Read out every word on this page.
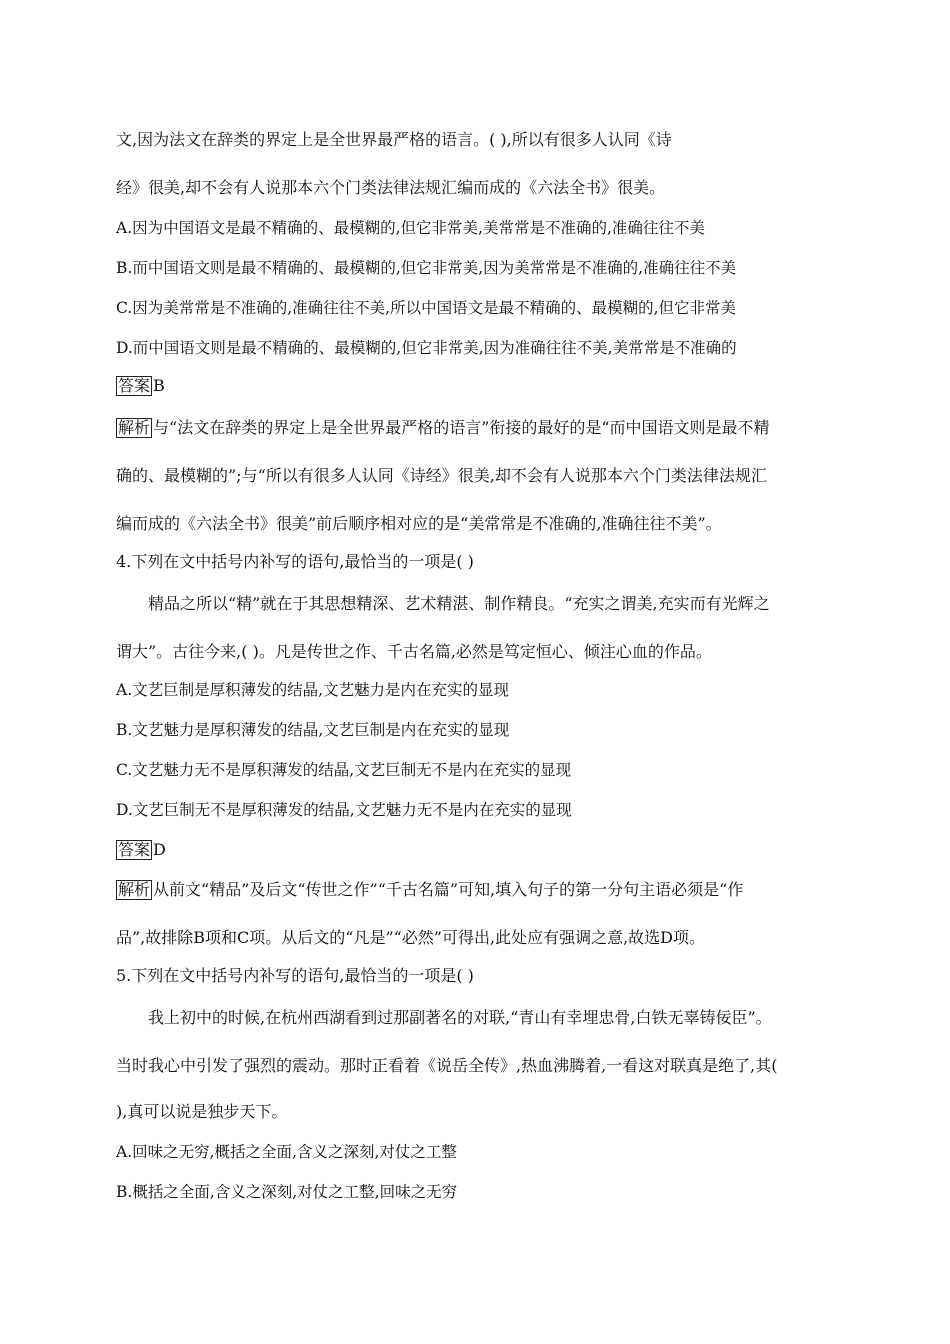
文,因为法文在辞类的界定上是全世界最严格的语言。( ),所以有很多人认同《诗
经》很美,却不会有人说那本六个门类法律法规汇编而成的《六法全书》很美。
A.因为中国语文是最不精确的、最模糊的,但它非常美,美常常是不准确的,准确往往不美
B.而中国语文则是最不精确的、最模糊的,但它非常美,因为美常常是不准确的,准确往往不美
C.因为美常常是不准确的,准确往往不美,所以中国语文是最不精确的、最模糊的,但它非常美
D.而中国语文则是最不精确的、最模糊的,但它非常美,因为准确往往不美,美常常是不准确的
答案 B
解析 与“法文在辞类的界定上是全世界最严格的语言”衔接的最好的是“而中国语文则是最不精
确的、最模糊的”;与“所以有很多人认同《诗经》很美,却不会有人说那本六个门类法律法规汇
编而成的《六法全书》很美”前后顺序相对应的是“美常常是不准确的,准确往往不美”。
4.下列在文中括号内补写的语句,最恰当的一项是( )
精品之所以“精”就在于其思想精深、艺术精湛、制作精良。“充实之谓美,充实而有光辉之
谓大”。古往今来,( )。凡是传世之作、千古名篇,必然是笃定恒心、倾注心血的作品。
A.文艺巨制是厚积薄发的结晶,文艺魅力是内在充实的显现
B.文艺魅力是厚积薄发的结晶,文艺巨制是内在充实的显现
C.文艺魅力无不是厚积薄发的结晶,文艺巨制无不是内在充实的显现
D.文艺巨制无不是厚积薄发的结晶,文艺魅力无不是内在充实的显现
答案 D
解析 从前文“精品”及后文“传世之作”“千古名篇”可知,填入句子的第一分句主语必须是“作
品”,故排除B项和C项。从后文的“凡是”“必然”可得出,此处应有强调之意,故选D项。
5.下列在文中括号内补写的语句,最恰当的一项是( )
我上初中的时候,在杭州西湖看到过那副著名的对联,“青山有幸埋忠骨,白铁无辜铸佞臣”。
当时我心中引发了强烈的震动。那时正看着《说岳全传》,热血沸腾着,一看这对联真是绝了,其(
),真可以说是独步天下。
A.回味之无穷,概括之全面,含义之深刻,对仗之工整
B.概括之全面,含义之深刻,对仗之工整,回味之无穷
